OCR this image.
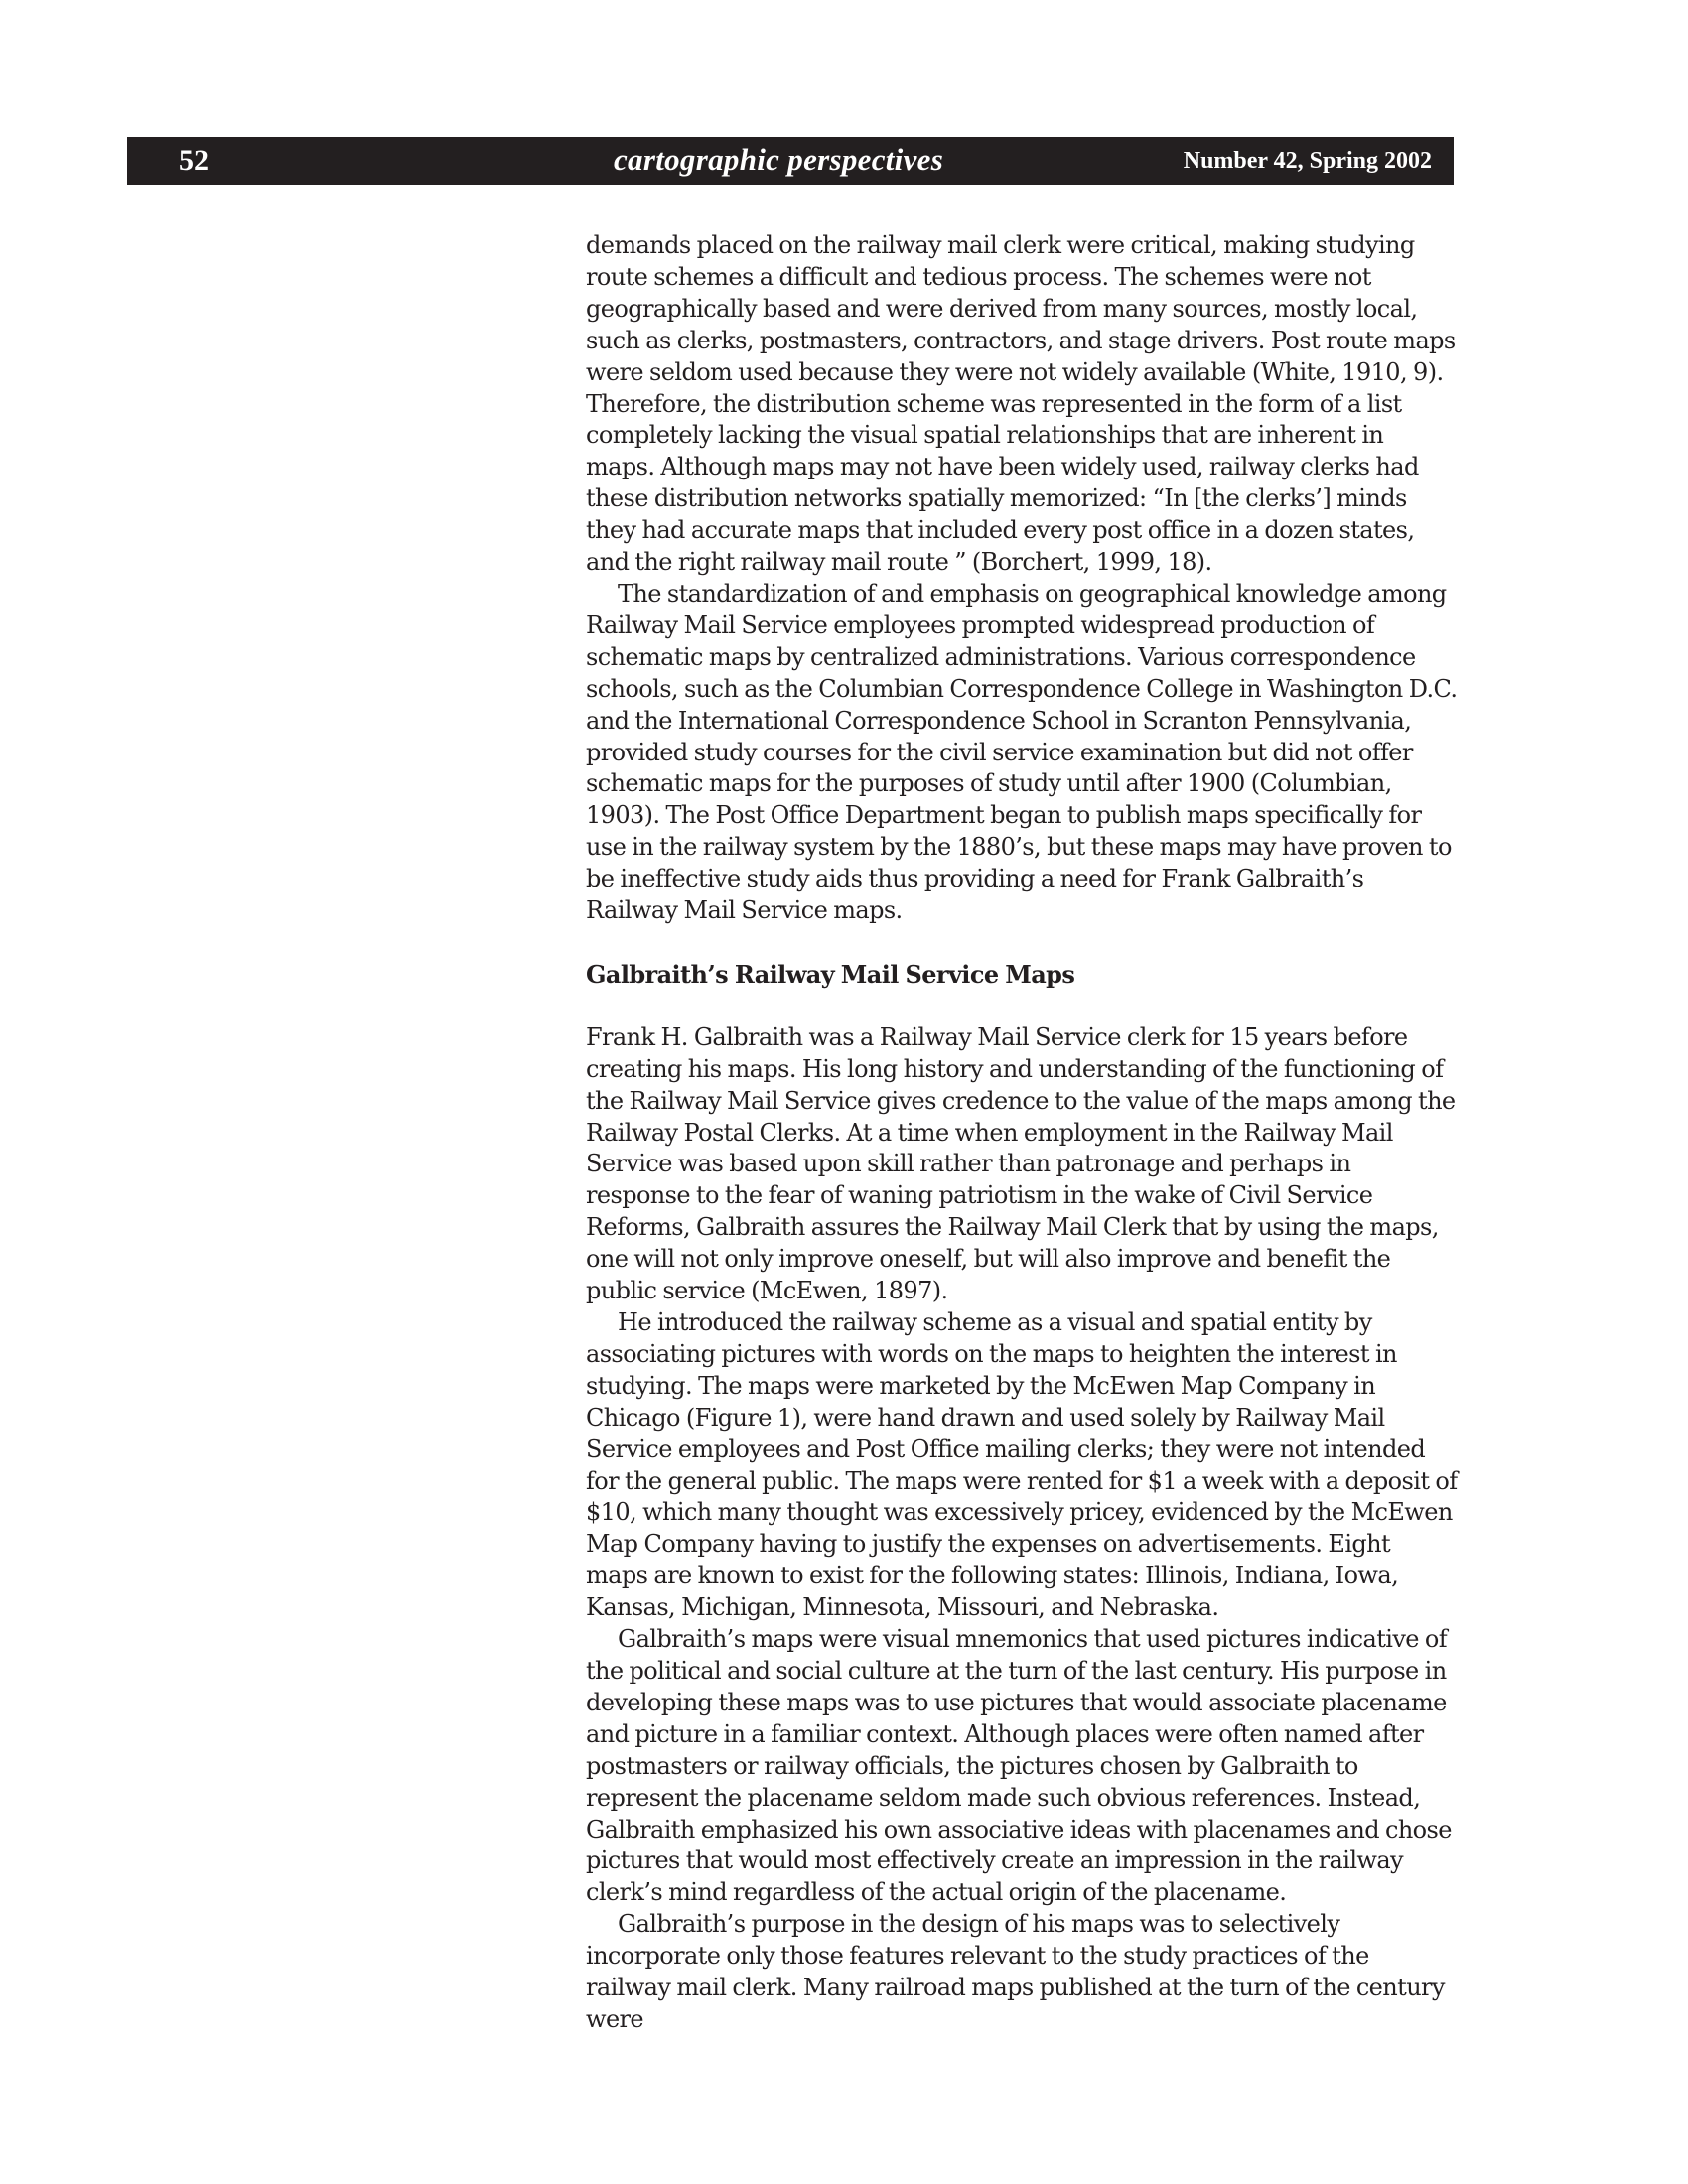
52	cartographic perspectives	Number 42, Spring 2002

demands placed on the railway mail clerk were critical, making studying route schemes a difficult and tedious process. The schemes were not geographically based and were derived from many sources, mostly local, such as clerks, postmasters, contractors, and stage drivers. Post route maps were seldom used because they were not widely available (White, 1910, 9). Therefore, the distribution scheme was represented in the form of a list completely lacking the visual spatial relationships that are inherent in maps. Although maps may not have been widely used, railway clerks had these distribution networks spatially memorized: “In [the clerks’] minds they had accurate maps that included every post office in a dozen states, and the right railway mail route ” (Borchert, 1999, 18).

The standardization of and emphasis on geographical knowledge among Railway Mail Service employees prompted widespread production of schematic maps by centralized administrations. Various correspondence schools, such as the Columbian Correspondence College in Washington D.C. and the International Correspondence School in Scranton Pennsylvania, provided study courses for the civil service examination but did not offer schematic maps for the purposes of study until after 1900 (Columbian, 1903). The Post Office Department began to publish maps specifically for use in the railway system by the 1880’s, but these maps may have proven to be ineffective study aids thus providing a need for Frank Galbraith’s Railway Mail Service maps.

Galbraith’s Railway Mail Service Maps

Frank H. Galbraith was a Railway Mail Service clerk for 15 years before creating his maps. His long history and understanding of the functioning of the Railway Mail Service gives credence to the value of the maps among the Railway Postal Clerks. At a time when employment in the Railway Mail Service was based upon skill rather than patronage and perhaps in response to the fear of waning patriotism in the wake of Civil Service Reforms, Galbraith assures the Railway Mail Clerk that by using the maps, one will not only improve oneself, but will also improve and benefit the public service (McEwen, 1897).

He introduced the railway scheme as a visual and spatial entity by associating pictures with words on the maps to heighten the interest in studying. The maps were marketed by the McEwen Map Company in Chicago (Figure 1), were hand drawn and used solely by Railway Mail Service employees and Post Office mailing clerks; they were not intended for the general public. The maps were rented for $1 a week with a deposit of $10, which many thought was excessively pricey, evidenced by the McEwen Map Company having to justify the expenses on advertisements. Eight maps are known to exist for the following states: Illinois, Indiana, Iowa, Kansas, Michigan, Minnesota, Missouri, and Nebraska.

Galbraith’s maps were visual mnemonics that used pictures indicative of the political and social culture at the turn of the last century. His purpose in developing these maps was to use pictures that would associate placename and picture in a familiar context. Although places were often named after postmasters or railway officials, the pictures chosen by Galbraith to represent the placename seldom made such obvious references. Instead, Galbraith emphasized his own associative ideas with placenames and chose pictures that would most effectively create an impression in the railway clerk’s mind regardless of the actual origin of the placename.

Galbraith’s purpose in the design of his maps was to selectively incorporate only those features relevant to the study practices of the railway mail clerk. Many railroad maps published at the turn of the century were
